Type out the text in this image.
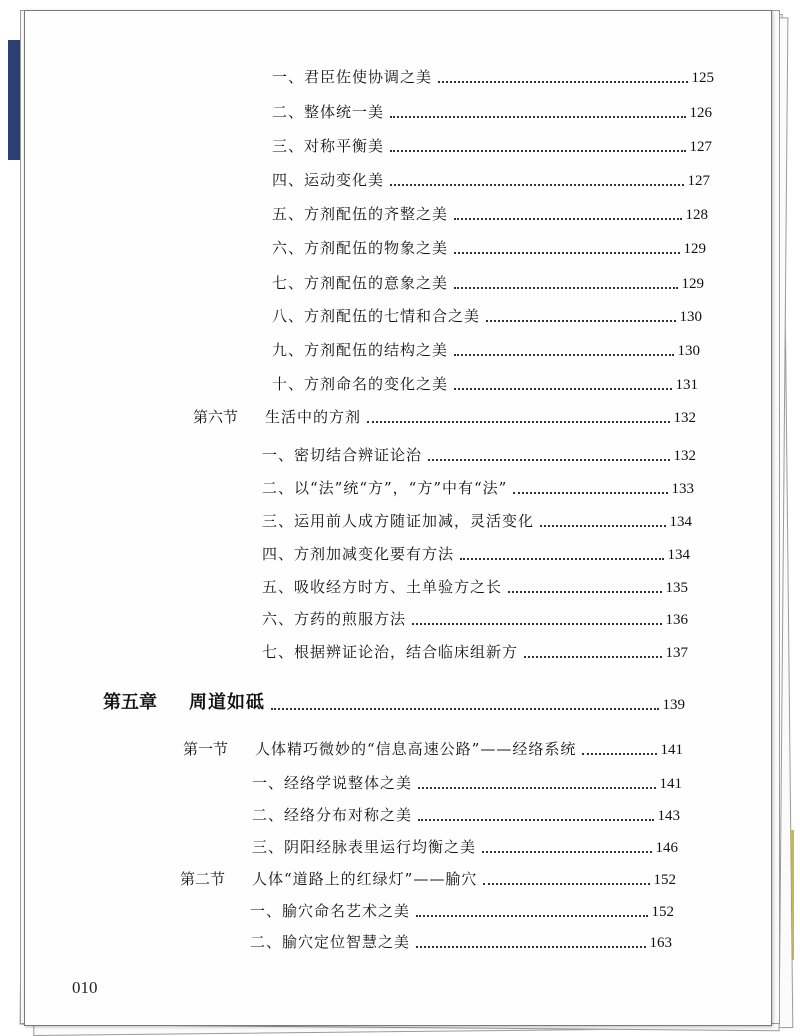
一、君臣佐使协调之美	125
二、整体统一美	126
三、对称平衡美	127
四、运动变化美	127
五、方剂配伍的齐整之美	128
六、方剂配伍的物象之美	129
七、方剂配伍的意象之美	129
八、方剂配伍的七情和合之美	130
九、方剂配伍的结构之美	130
十、方剂命名的变化之美	131
第六节	生活中的方剂	132
一、密切结合辨证论治	132
二、以“法”统“方”，“方”中有“法”	133
三、运用前人成方随证加减，灵活变化	134
四、方剂加减变化要有方法	134
五、吸收经方时方、土单验方之长	135
六、方药的煎服方法	136
七、根据辨证论治，结合临床组新方	137
第五章	周道如砥	139
第一节	人体精巧微妙的“信息高速公路”——经络系统	141
一、经络学说整体之美	141
二、经络分布对称之美	143
三、阴阳经脉表里运行均衡之美	146
第二节	人体“道路上的红绿灯”——腧穴	152
一、腧穴命名艺术之美	152
二、腧穴定位智慧之美	163
010
